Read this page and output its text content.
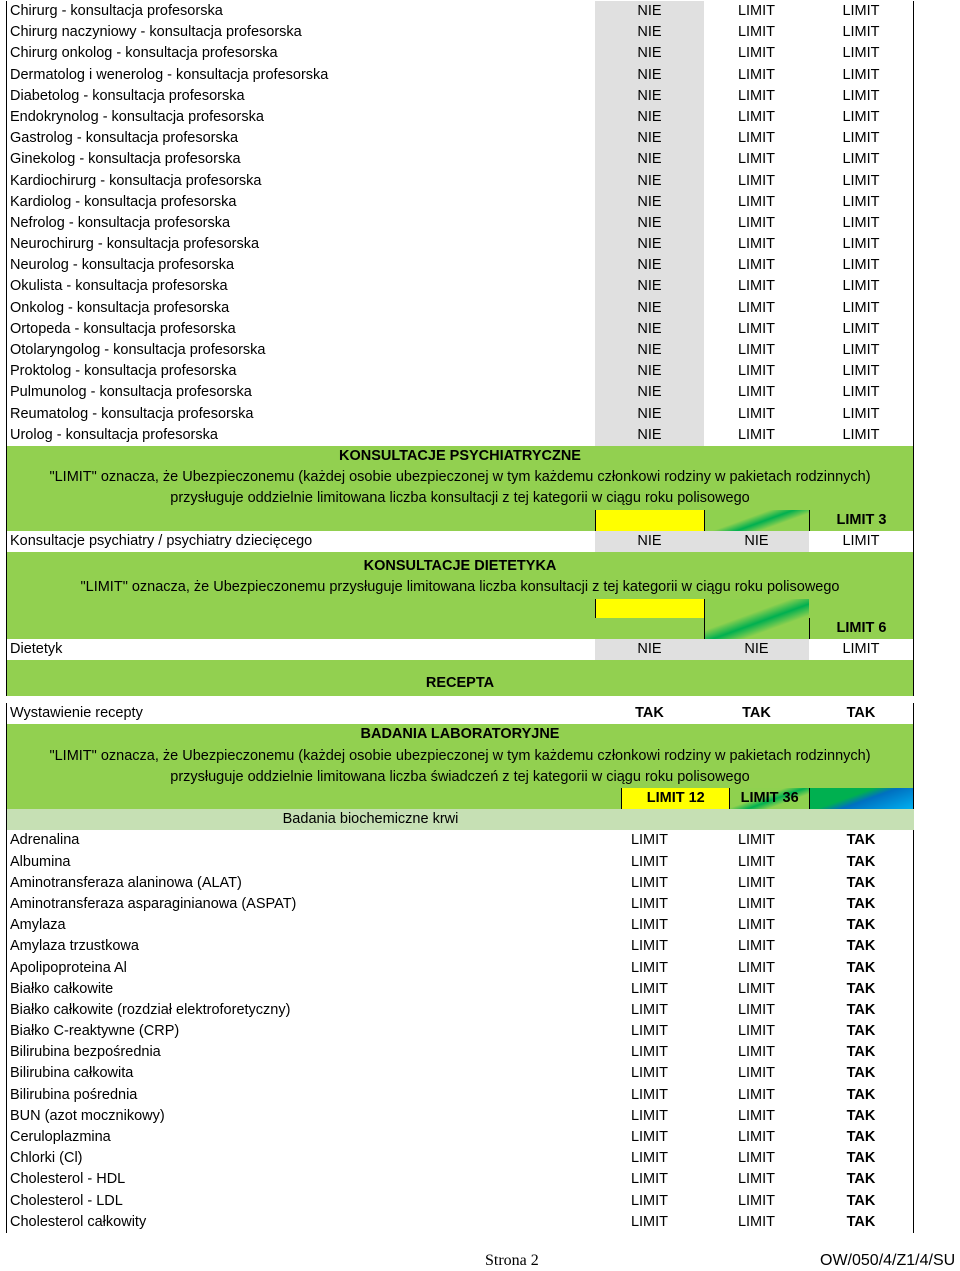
Chirurg - konsultacja profesorska	NIE	LIMIT	LIMIT
Chirurg naczyniowy - konsultacja profesorska	NIE	LIMIT	LIMIT
Chirurg onkolog - konsultacja profesorska	NIE	LIMIT	LIMIT
Dermatolog i wenerolog - konsultacja profesorska	NIE	LIMIT	LIMIT
Diabetolog - konsultacja profesorska	NIE	LIMIT	LIMIT
Endokrynolog - konsultacja profesorska	NIE	LIMIT	LIMIT
Gastrolog - konsultacja profesorska	NIE	LIMIT	LIMIT
Ginekolog - konsultacja profesorska	NIE	LIMIT	LIMIT
Kardiochirurg - konsultacja profesorska	NIE	LIMIT	LIMIT
Kardiolog - konsultacja profesorska	NIE	LIMIT	LIMIT
Nefrolog - konsultacja profesorska	NIE	LIMIT	LIMIT
Neurochirurg - konsultacja profesorska	NIE	LIMIT	LIMIT
Neurolog - konsultacja profesorska	NIE	LIMIT	LIMIT
Okulista - konsultacja profesorska	NIE	LIMIT	LIMIT
Onkolog - konsultacja profesorska	NIE	LIMIT	LIMIT
Ortopeda - konsultacja profesorska	NIE	LIMIT	LIMIT
Otolaryngolog - konsultacja profesorska	NIE	LIMIT	LIMIT
Proktolog - konsultacja profesorska	NIE	LIMIT	LIMIT
Pulmunolog - konsultacja profesorska	NIE	LIMIT	LIMIT
Reumatolog - konsultacja profesorska	NIE	LIMIT	LIMIT
Urolog - konsultacja profesorska	NIE	LIMIT	LIMIT
KONSULTACJE PSYCHIATRYCZNE
"LIMIT" oznacza, że Ubezpieczonemu (każdej osobie ubezpieczonej w tym każdemu członkowi rodziny w pakietach rodzinnych)
przysługuje oddzielnie limitowana liczba konsultacji z tej kategorii w ciągu roku polisowego
LIMIT 3
Konsultacje psychiatry / psychiatry dziecięcego	NIE	NIE	LIMIT
KONSULTACJE DIETETYKA
"LIMIT" oznacza, że Ubezpieczonemu przysługuje limitowana liczba konsultacji z tej kategorii w ciągu roku polisowego
LIMIT 6
Dietetyk	NIE	NIE	LIMIT
RECEPTA
Wystawienie recepty	TAK	TAK	TAK
BADANIA LABORATORYJNE
"LIMIT" oznacza, że Ubezpieczonemu (każdej osobie ubezpieczonej w tym każdemu członkowi rodziny w pakietach rodzinnych)
przysługuje oddzielnie limitowana liczba świadczeń z tej kategorii w ciągu roku polisowego
LIMIT 12	LIMIT 36
Badania biochemiczne krwi
Adrenalina	LIMIT	LIMIT	TAK
Albumina	LIMIT	LIMIT	TAK
Aminotransferaza alaninowa (ALAT)	LIMIT	LIMIT	TAK
Aminotransferaza asparaginianowa (ASPAT)	LIMIT	LIMIT	TAK
Amylaza	LIMIT	LIMIT	TAK
Amylaza trzustkowa	LIMIT	LIMIT	TAK
Apolipoproteina Al	LIMIT	LIMIT	TAK
Białko całkowite	LIMIT	LIMIT	TAK
Białko całkowite (rozdział elektroforetyczny)	LIMIT	LIMIT	TAK
Białko C-reaktywne (CRP)	LIMIT	LIMIT	TAK
Bilirubina bezpośrednia	LIMIT	LIMIT	TAK
Bilirubina całkowita	LIMIT	LIMIT	TAK
Bilirubina pośrednia	LIMIT	LIMIT	TAK
BUN (azot mocznikowy)	LIMIT	LIMIT	TAK
Ceruloplazmina	LIMIT	LIMIT	TAK
Chlorki (Cl)	LIMIT	LIMIT	TAK
Cholesterol - HDL	LIMIT	LIMIT	TAK
Cholesterol - LDL	LIMIT	LIMIT	TAK
Cholesterol całkowity	LIMIT	LIMIT	TAK
Strona 2	OW/050/4/Z1/4/SU
